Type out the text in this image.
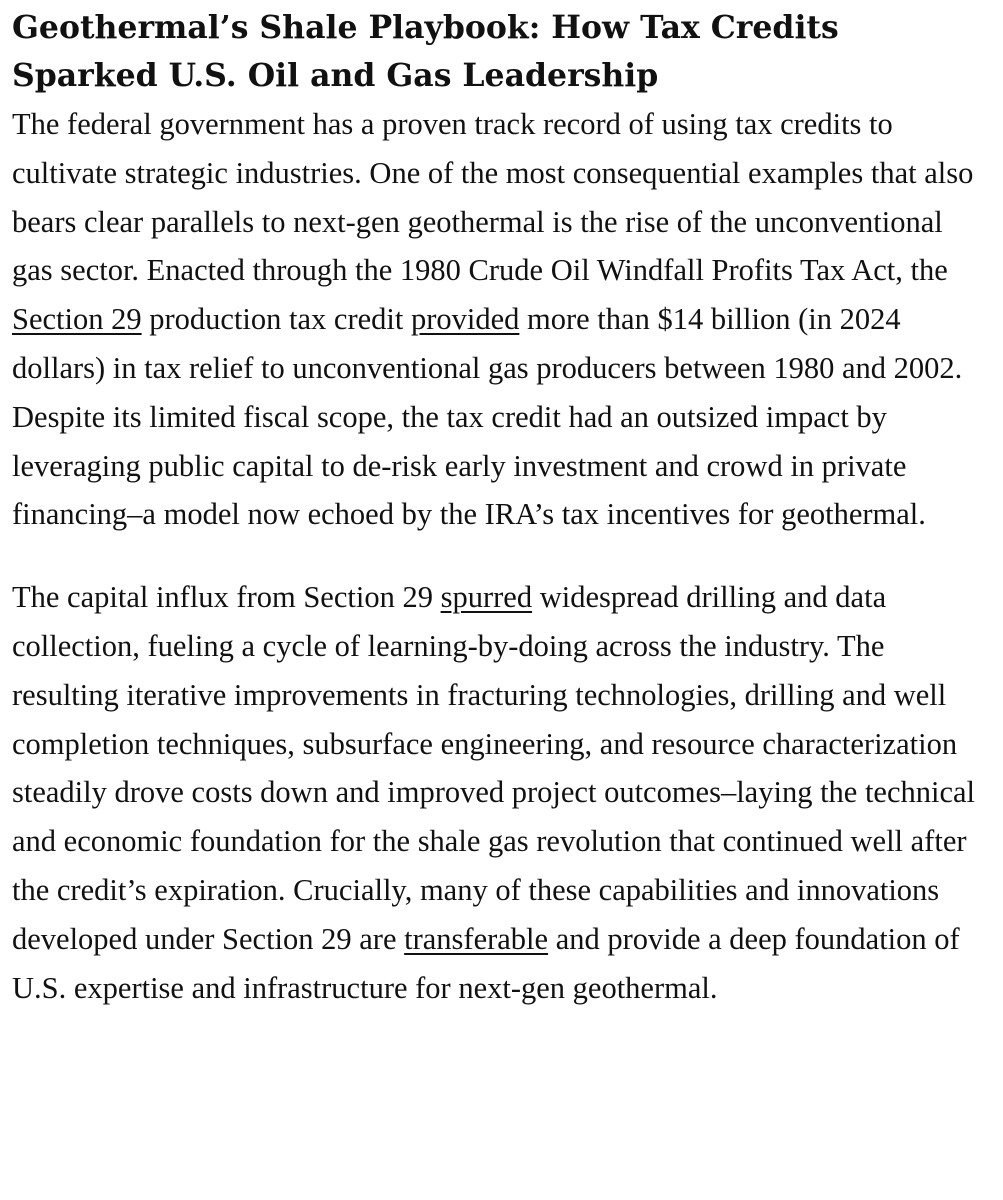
Geothermal’s Shale Playbook: How Tax Credits Sparked U.S. Oil and Gas Leadership

The federal government has a proven track record of using tax credits to cultivate strategic industries. One of the most consequential examples that also bears clear parallels to next-gen geothermal is the rise of the unconventional gas sector. Enacted through the 1980 Crude Oil Windfall Profits Tax Act, the Section 29 production tax credit provided more than $14 billion (in 2024 dollars) in tax relief to unconventional gas producers between 1980 and 2002. Despite its limited fiscal scope, the tax credit had an outsized impact by leveraging public capital to de-risk early investment and crowd in private financing–a model now echoed by the IRA’s tax incentives for geothermal.

The capital influx from Section 29 spurred widespread drilling and data collection, fueling a cycle of learning-by-doing across the industry. The resulting iterative improvements in fracturing technologies, drilling and well completion techniques, subsurface engineering, and resource characterization steadily drove costs down and improved project outcomes–laying the technical and economic foundation for the shale gas revolution that continued well after the credit’s expiration. Crucially, many of these capabilities and innovations developed under Section 29 are transferable and provide a deep foundation of U.S. expertise and infrastructure for next-gen geothermal.
